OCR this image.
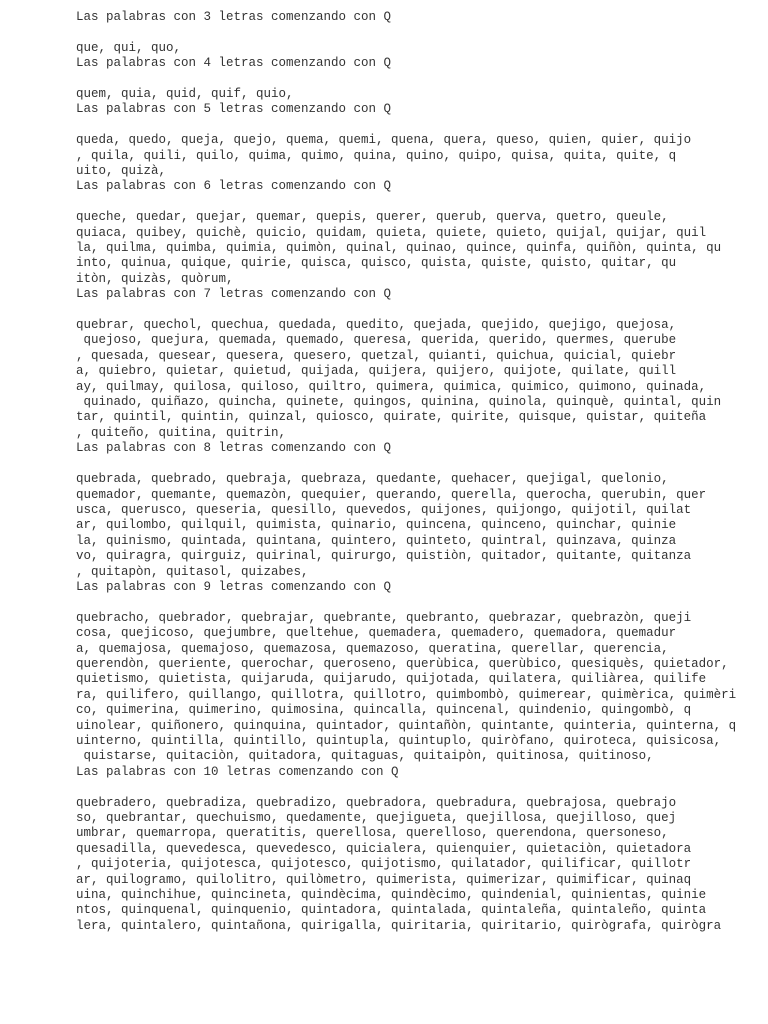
Las palabras con 3 letras comenzando con Q
que, qui, quo,
Las palabras con 4 letras comenzando con Q
quem, quia, quid, quif, quio,
Las palabras con 5 letras comenzando con Q
queda, quedo, queja, quejo, quema, quemi, quena, quera, queso, quien, quier, quijo
, quila, quili, quilo, quima, quimo, quina, quino, quipo, quisa, quita, quite, q
uito, quizà,
Las palabras con 6 letras comenzando con Q
queche, quedar, quejar, quemar, quepis, querer, querub, querva, quetro, queule,
quiaca, quibey, quichè, quicio, quidam, quieta, quiete, quieto, quijal, quijar, quil
la, quilma, quimba, quimia, quimòn, quinal, quinao, quince, quinfa, quiñòn, quinta, qu
into, quinua, quique, quirie, quisca, quisco, quista, quiste, quisto, quitar, qu
itòn, quizàs, quòrum,
Las palabras con 7 letras comenzando con Q
quebrar, quechol, quechua, quedada, quedito, quejada, quejido, quejigo, quejosa,
quejoso, quejura, quemada, quemado, queresa, querida, querido, quermes, querube
, quesada, quesear, quesera, quesero, quetzal, quianti, quichua, quicial, quiebr
a, quiebro, quietar, quietud, quijada, quijera, quijero, quijote, quilate, quill
ay, quilmay, quilosa, quiloso, quiltro, quimera, quimica, quimico, quimono, quinada,
quinado, quiñazo, quincha, quinete, quingos, quinina, quinola, quinquè, quintal, quin
tar, quintil, quintin, quinzal, quiosco, quirate, quirite, quisque, quistar, quiteña
, quiteño, quitina, quitrin,
Las palabras con 8 letras comenzando con Q
quebrada, quebrado, quebraja, quebraza, quedante, quehacer, quejigal, quelonio,
quemador, quemante, quemazòn, quequier, querando, querella, querocha, querubin, quer
usca, querusco, queseria, quesillo, quevedos, quijones, quijongo, quijotil, quilat
ar, quilombo, quilquil, quimista, quinario, quincena, quinceno, quinchar, quinie
la, quinismo, quintada, quintana, quintero, quinteto, quintral, quinzava, quinza
vo, quiragra, quirguiz, quirinal, quirurgo, quistiòn, quitador, quitante, quitanza
, quitapòn, quitasol, quizabes,
Las palabras con 9 letras comenzando con Q
quebracho, quebrador, quebrajar, quebrante, quebranto, quebrazar, quebrazòn, queji
cosa, quejicoso, quejumbre, queltehue, quemadera, quemadero, quemadora, quemadur
a, quemajosa, quemajoso, quemazosa, quemazoso, queratina, querellar, querencia,
querendòn, queriente, querochar, queroseno, querùbica, querùbico, quesiquès, quietador,
quietismo, quietista, quijaruda, quijarudo, quijotada, quilatera, quiliàrea, quilife
ra, quilifero, quillango, quillotra, quillotro, quimbombò, quimerear, quimèrica, quimèri
co, quimerina, quimerino, quimosina, quincalla, quincenal, quindenio, quingombò, q
uinolear, quiñonero, quinquina, quintador, quintañòn, quintante, quinteria, quinterna, q
uinterno, quintilla, quintillo, quintupla, quintuplo, quiròfano, quiroteca, quisicosa,
quistarse, quitaciòn, quitadora, quitaguas, quitaipòn, quitinosa, quitinoso,
Las palabras con 10 letras comenzando con Q
quebradero, quebradiza, quebradizo, quebradora, quebradura, quebrajosa, quebrajo
so, quebrantar, quechuismo, quedamente, quejigueta, quejillosa, quejilloso, quej
umbrar, quemarropa, queratitis, querellosa, querelloso, querendona, quersoneso,
quesadilla, quevedesca, quevedesco, quicialera, quienquier, quietaciòn, quietadora
, quijoteria, quijotesca, quijotesco, quijotismo, quilatador, quilificar, quillotr
ar, quilogramo, quilolitro, quilòmetro, quimerista, quimerizar, quimificar, quinaq
uina, quinchihue, quincineta, quindècima, quindècimo, quindenial, quinientas, quinie
ntos, quinquenal, quinquenio, quintadora, quintalada, quintaleña, quintaleño, quinta
lera, quintalero, quintañona, quirigalla, quiritaria, quiritario, quirògrafa, quirògra
